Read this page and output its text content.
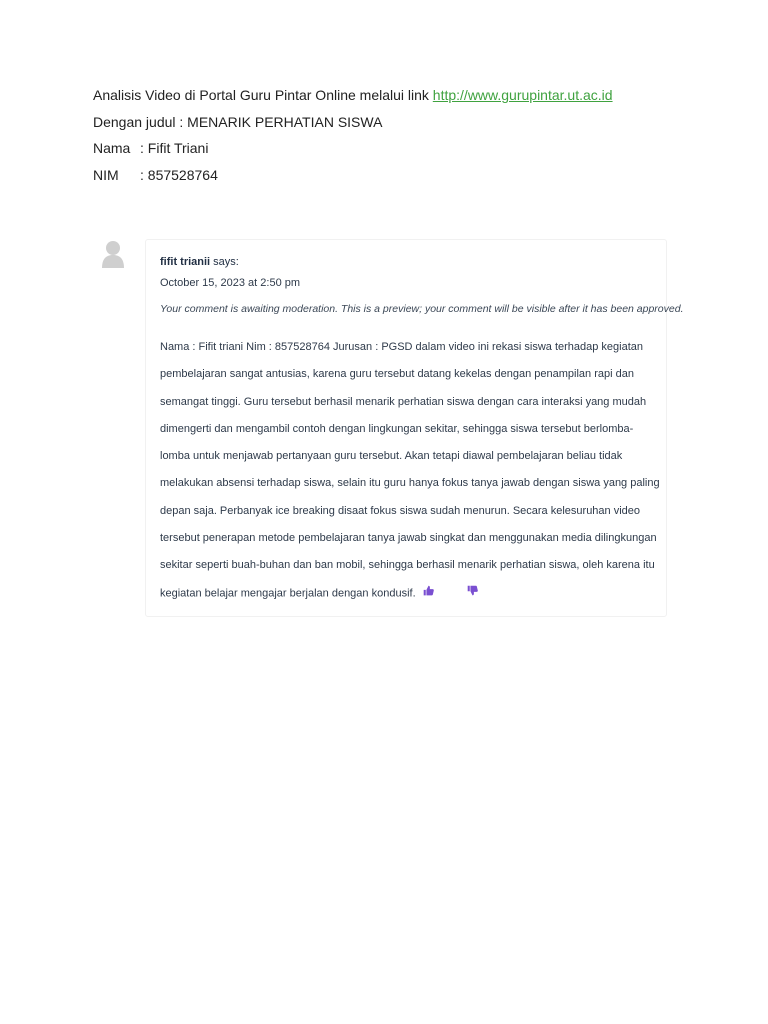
Analisis Video di Portal Guru Pintar Online melalui link http://www.gurupintar.ut.ac.id
Dengan judul : MENARIK PERHATIAN SISWA
Nama : Fifit Triani
NIM : 857528764
fifit trianii says:
October 15, 2023 at 2:50 pm
Your comment is awaiting moderation. This is a preview; your comment will be visible after it has been approved.
Nama : Fifit triani Nim : 857528764 Jurusan : PGSD dalam video ini rekasi siswa terhadap kegiatan pembelajaran sangat antusias, karena guru tersebut datang kekelas dengan penampilan rapi dan semangat tinggi. Guru tersebut berhasil menarik perhatian siswa dengan cara interaksi yang mudah dimengerti dan mengambil contoh dengan lingkungan sekitar, sehingga siswa tersebut berlomba-lomba untuk menjawab pertanyaan guru tersebut. Akan tetapi diawal pembelajaran beliau tidak melakukan absensi terhadap siswa, selain itu guru hanya fokus tanya jawab dengan siswa yang paling depan saja. Perbanyak ice breaking disaat fokus siswa sudah menurun. Secara kelesuruhan video tersebut penerapan metode pembelajaran tanya jawab singkat dan menggunakan media dilingkungan sekitar seperti buah-buhan dan ban mobil, sehingga berhasil menarik perhatian siswa, oleh karena itu kegiatan belajar mengajar berjalan dengan kondusif.
